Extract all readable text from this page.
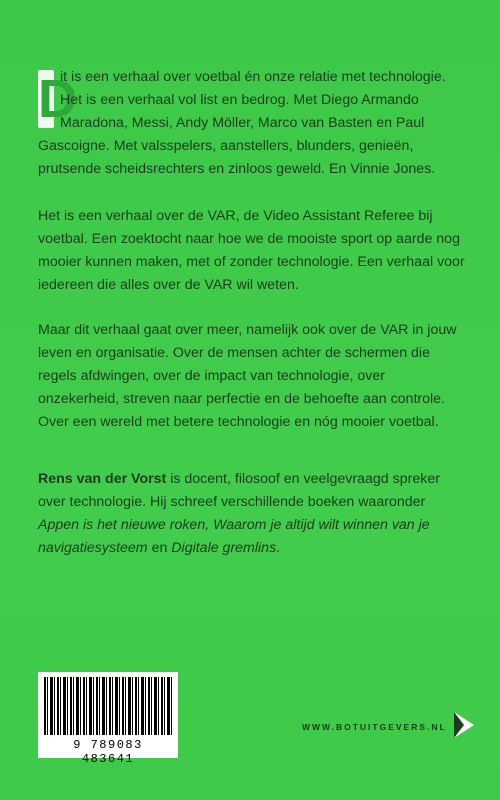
D
it is een verhaal over voetbal én onze relatie met technologie. Het is een verhaal vol list en bedrog. Met Diego Armando Maradona, Messi, Andy Möller, Marco van Basten en Paul Gascoigne. Met valsspelers, aanstellers, blunders, genieën, prutsende scheidsrechters en zinloos geweld. En Vinnie Jones.

Het is een verhaal over de VAR, de Video Assistant Referee bij voetbal. Een zoektocht naar hoe we de mooiste sport op aarde nog mooier kunnen maken, met of zonder technologie. Een verhaal voor iedereen die alles over de VAR wil weten.

Maar dit verhaal gaat over meer, namelijk ook over de VAR in jouw leven en organisatie. Over de mensen achter de schermen die regels afdwingen, over de impact van technologie, over onzekerheid, streven naar perfectie en de behoefte aan controle. Over een wereld met betere technologie en nóg mooier voetbal.

Rens van der Vorst is docent, filosoof en veelgevraagd spreker over technologie. Hij schreef verschillende boeken waaronder Appen is het nieuwe roken, Waarom je altijd wilt winnen van je navigatiesysteem en Digitale gremlins.

9 789083 483641
WWW.BOTUITGEVERS.NL
